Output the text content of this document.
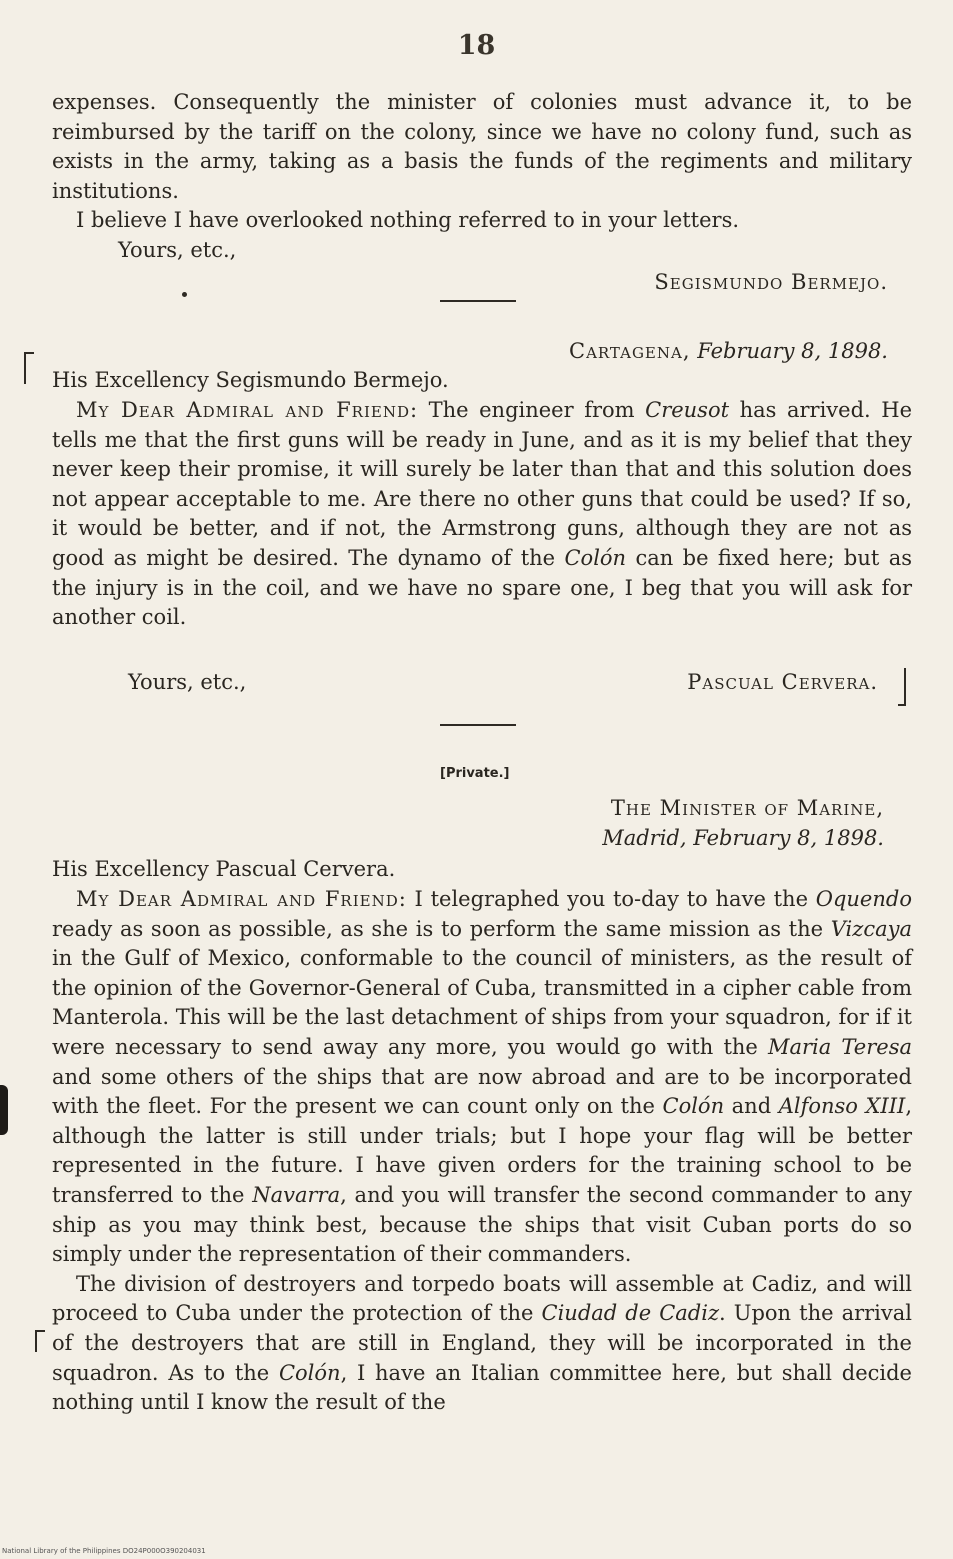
18

expenses. Consequently the minister of colonies must advance it, to be reimbursed by the tariff on the colony, since we have no colony fund, such as exists in the army, taking as a basis the funds of the regiments and military institutions.

I believe I have overlooked nothing referred to in your letters.

Yours, etc.,

Segismundo Bermejo.
Cartagena, February 8, 1898.
His Excellency Segismundo Bermejo.

My Dear Admiral and Friend: The engineer from Creusot has arrived. He tells me that the first guns will be ready in June, and as it is my belief that they never keep their promise, it will surely be later than that and this solution does not appear acceptable to me. Are there no other guns that could be used? If so, it would be better, and if not, the Armstrong guns, although they are not as good as might be desired. The dynamo of the Colón can be fixed here; but as the injury is in the coil, and we have no spare one, I beg that you will ask for another coil.

Yours, etc.,	Pascual Cervera.
[Private.]
The Minister of Marine,
Madrid, February 8, 1898.
His Excellency Pascual Cervera.

My Dear Admiral and Friend: I telegraphed you to-day to have the Oquendo ready as soon as possible, as she is to perform the same mission as the Vizcaya in the Gulf of Mexico, conformable to the council of ministers, as the result of the opinion of the Governor-General of Cuba, transmitted in a cipher cable from Manterola. This will be the last detachment of ships from your squadron, for if it were necessary to send away any more, you would go with the Maria Teresa and some others of the ships that are now abroad and are to be incorporated with the fleet. For the present we can count only on the Colón and Alfonso XIII, although the latter is still under trials; but I hope your flag will be better represented in the future. I have given orders for the training school to be transferred to the Navarra, and you will transfer the second commander to any ship as you may think best, because the ships that visit Cuban ports do so simply under the representation of their commanders.

The division of destroyers and torpedo boats will assemble at Cadiz, and will proceed to Cuba under the protection of the Ciudad de Cadiz. Upon the arrival of the destroyers that are still in England, they will be incorporated in the squadron. As to the Colón, I have an Italian committee here, but shall decide nothing until I know the result of the

National Library of the Philippines DO24P000O390204031
